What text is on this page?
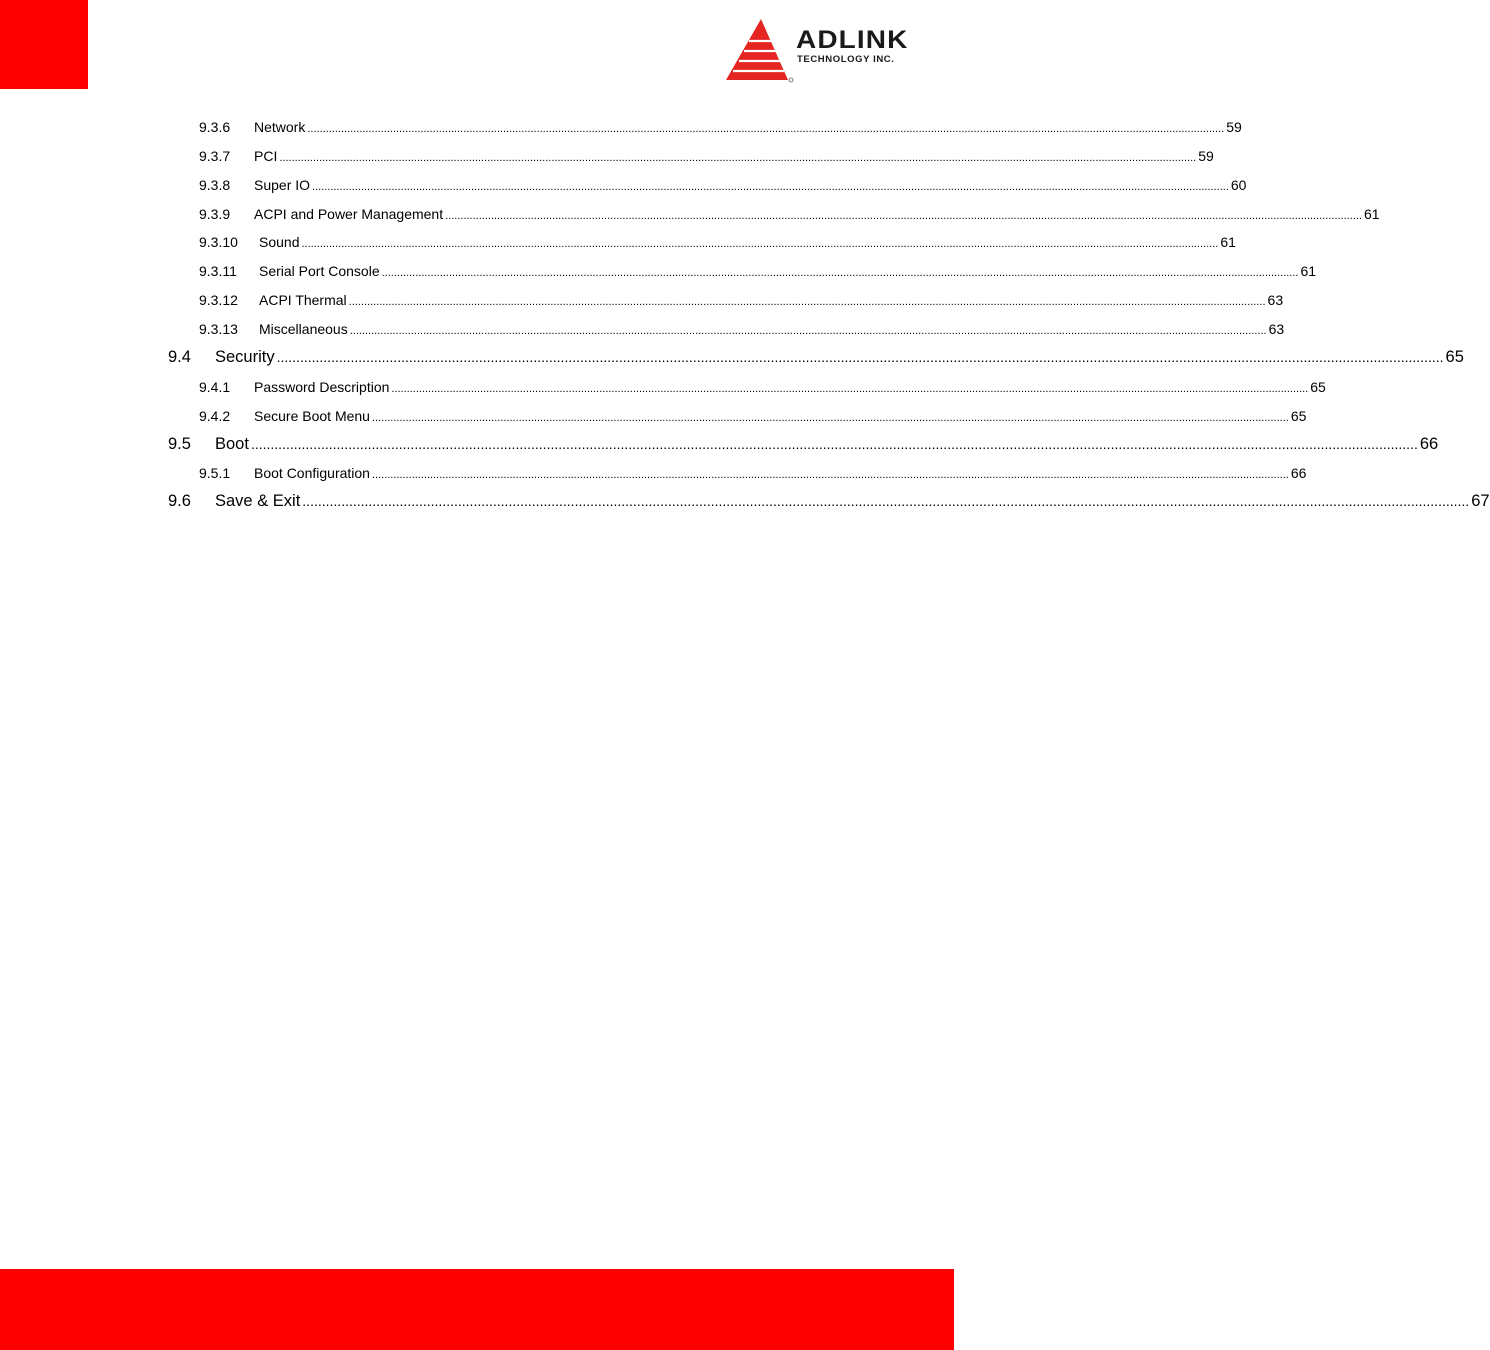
ADLINK
TECHNOLOGY INC.
9.3.6	Network ............................................................................................................................................................................................................................................................................................................ 59
9.3.7	PCI ............................................................................................................................................................................................................................................................................................................ 59
9.3.8	Super IO ............................................................................................................................................................................................................................................................................................................ 60
9.3.9	ACPI and Power Management ............................................................................................................................................................................................................................................................................................................ 61
9.3.10	Sound ............................................................................................................................................................................................................................................................................................................ 61
9.3.11	Serial Port Console ............................................................................................................................................................................................................................................................................................................ 61
9.3.12	ACPI Thermal ............................................................................................................................................................................................................................................................................................................ 63
9.3.13	Miscellaneous ............................................................................................................................................................................................................................................................................................................ 63
9.4	Security ............................................................................................................................................................................................................................................................................................................ 65
9.4.1	Password Description ............................................................................................................................................................................................................................................................................................................ 65
9.4.2	Secure Boot Menu ............................................................................................................................................................................................................................................................................................................ 65
9.5	Boot ............................................................................................................................................................................................................................................................................................................ 66
9.5.1	Boot Configuration ............................................................................................................................................................................................................................................................................................................ 66
9.6	Save & Exit ............................................................................................................................................................................................................................................................................................................ 67
